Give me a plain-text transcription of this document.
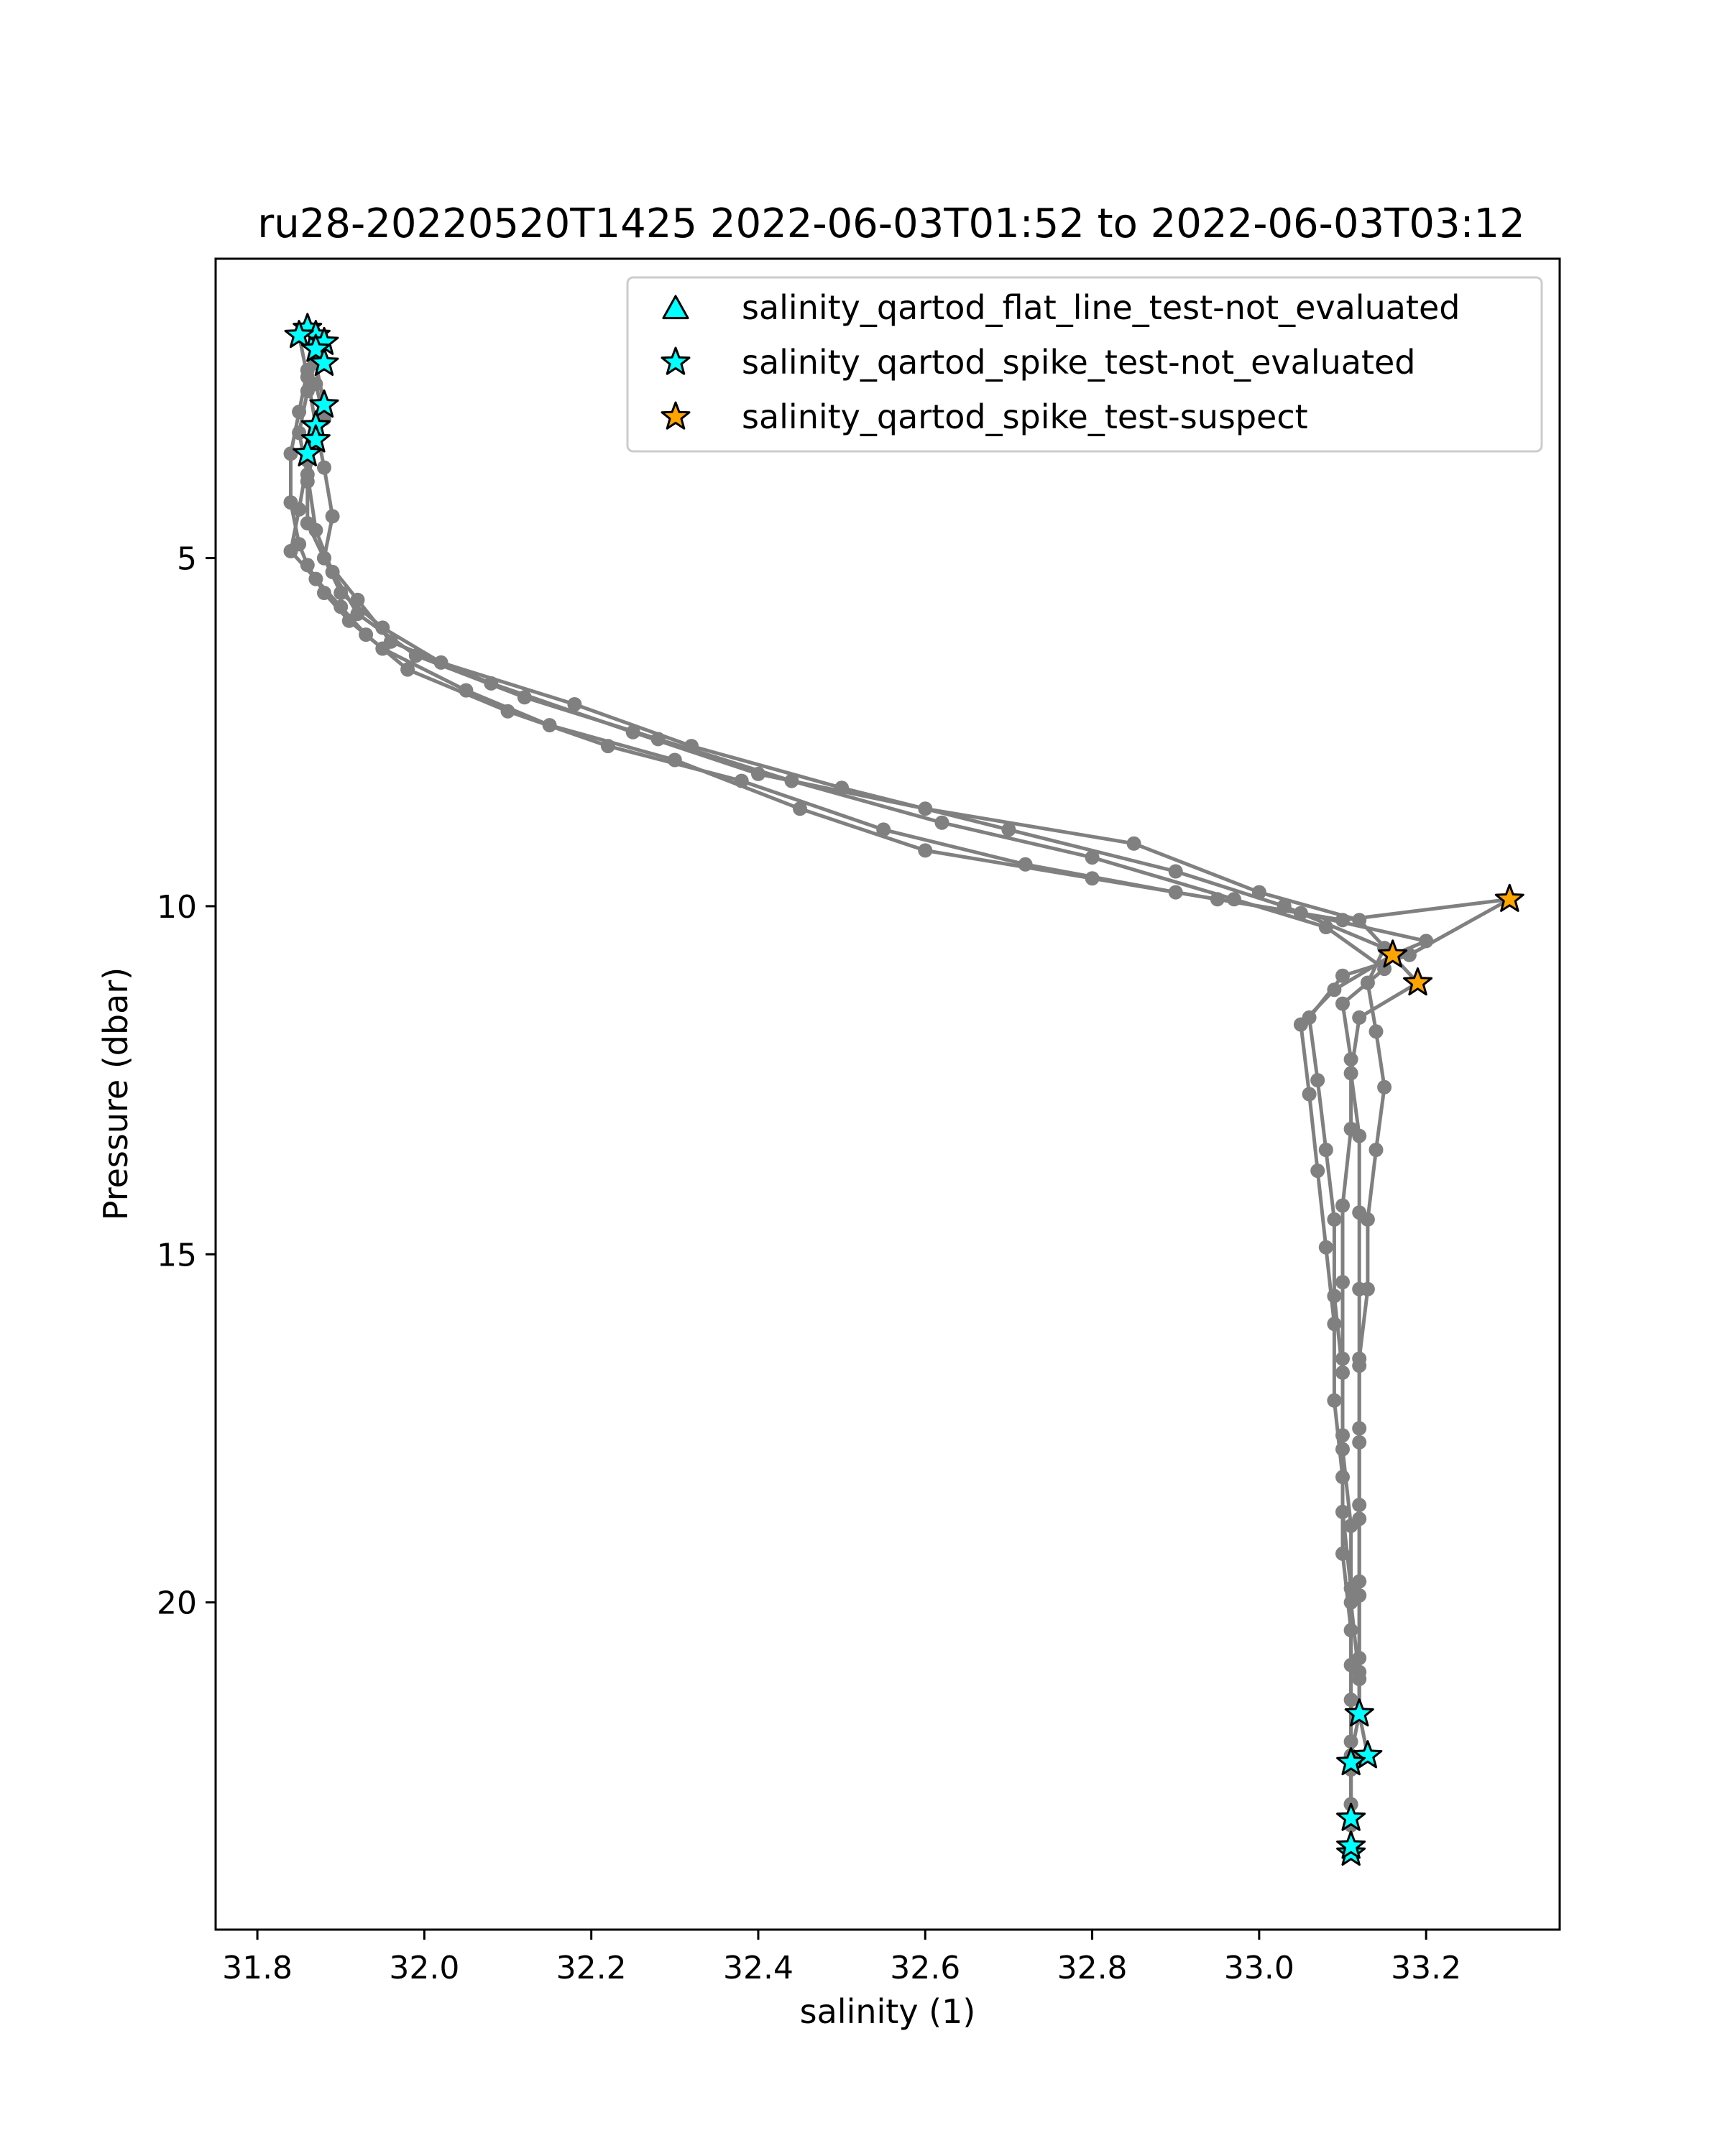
ru28-20220520T1425 2022-06-03T01:52 to 2022-06-03T03:12
31.8	32.0	32.2	32.4	32.6	32.8	33.0	33.2
5
10
15
20
salinity (1)
Pressure (dbar)
salinity_qartod_flat_line_test-not_evaluated
salinity_qartod_spike_test-not_evaluated
salinity_qartod_spike_test-suspect
